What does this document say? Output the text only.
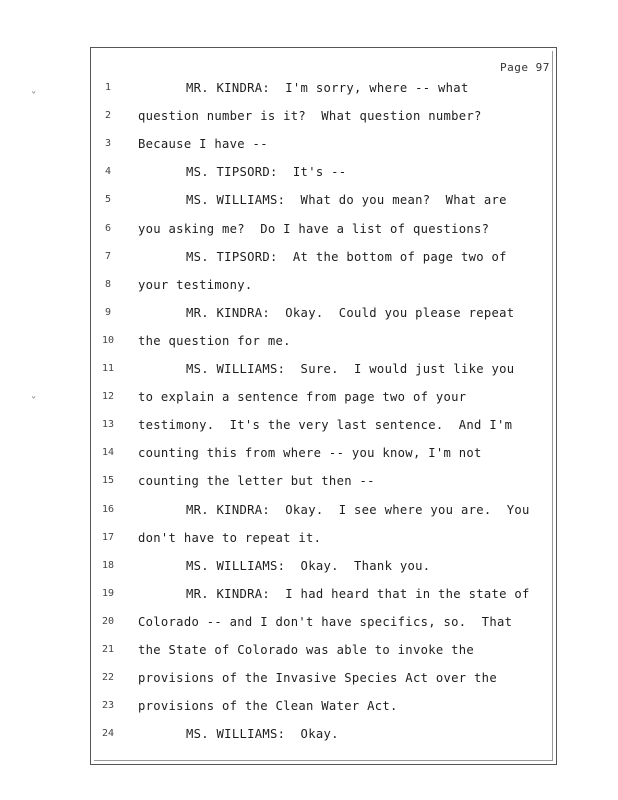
Page 97
ˇ
ˇ
1	MR. KINDRA:  I'm sorry, where -- what
2	question number is it?  What question number?
3	Because I have --
4	MS. TIPSORD:  It's --
5	MS. WILLIAMS:  What do you mean?  What are
6	you asking me?  Do I have a list of questions?
7	MS. TIPSORD:  At the bottom of page two of
8	your testimony.
9	MR. KINDRA:  Okay.  Could you please repeat
10	the question for me.
11	MS. WILLIAMS:  Sure.  I would just like you
12	to explain a sentence from page two of your
13	testimony.  It's the very last sentence.  And I'm
14	counting this from where -- you know, I'm not
15	counting the letter but then --
16	MR. KINDRA:  Okay.  I see where you are.  You
17	don't have to repeat it.
18	MS. WILLIAMS:  Okay.  Thank you.
19	MR. KINDRA:  I had heard that in the state of
20	Colorado -- and I don't have specifics, so.  That
21	the State of Colorado was able to invoke the
22	provisions of the Invasive Species Act over the
23	provisions of the Clean Water Act.
24	MS. WILLIAMS:  Okay.
